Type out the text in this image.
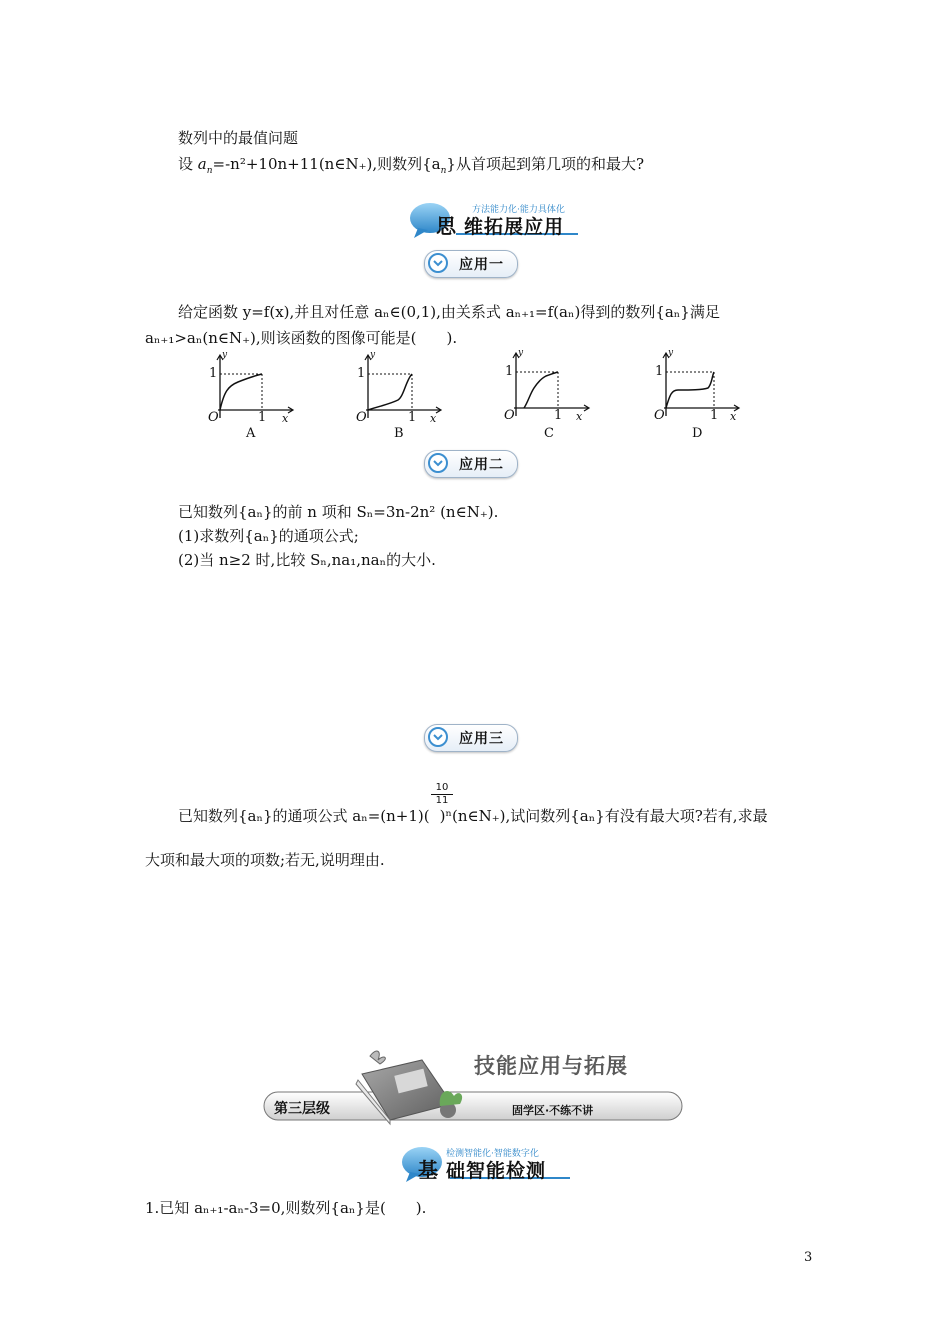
数列中的最值问题
设 $a_n=-n^2+10n+11(n\in N_+)$,则数列$\{a_n\}$从首项起到第几项的和最大?
思
方法能力化·能力具体化
维拓展应用
应用一
给定函数 y=f(x),并且对任意 aₙ∈(0,1),由关系式 aₙ₊₁=f(aₙ)得到的数列{aₙ}满足
aₙ₊₁>aₙ(n∈N₊),则该函数的图像可能是(　　).
y
1
O	1 x
A
y
1
O	1 x
B
y
1
O	1 x
C
y
1
O	1 x
D
应用二
已知数列{aₙ}的前 n 项和 Sₙ=3n-2n² (n∈N₊).
(1)求数列{aₙ}的通项公式;
(2)当 n≥2 时,比较 Sₙ,na₁,naₙ的大小.
应用三
$\frac{10}{11}$
已知数列{aₙ}的通项公式 aₙ=(n+1)( )ⁿ(n∈N₊),试问数列{aₙ}有没有最大项?若有,求最
大项和最大项的项数;若无,说明理由.
第三层级
技能应用与拓展
固学区·不练不讲
基
检测智能化·智能数字化
础智能检测
1.已知 aₙ₊₁-aₙ-3=0,则数列{aₙ}是(　　).
3
